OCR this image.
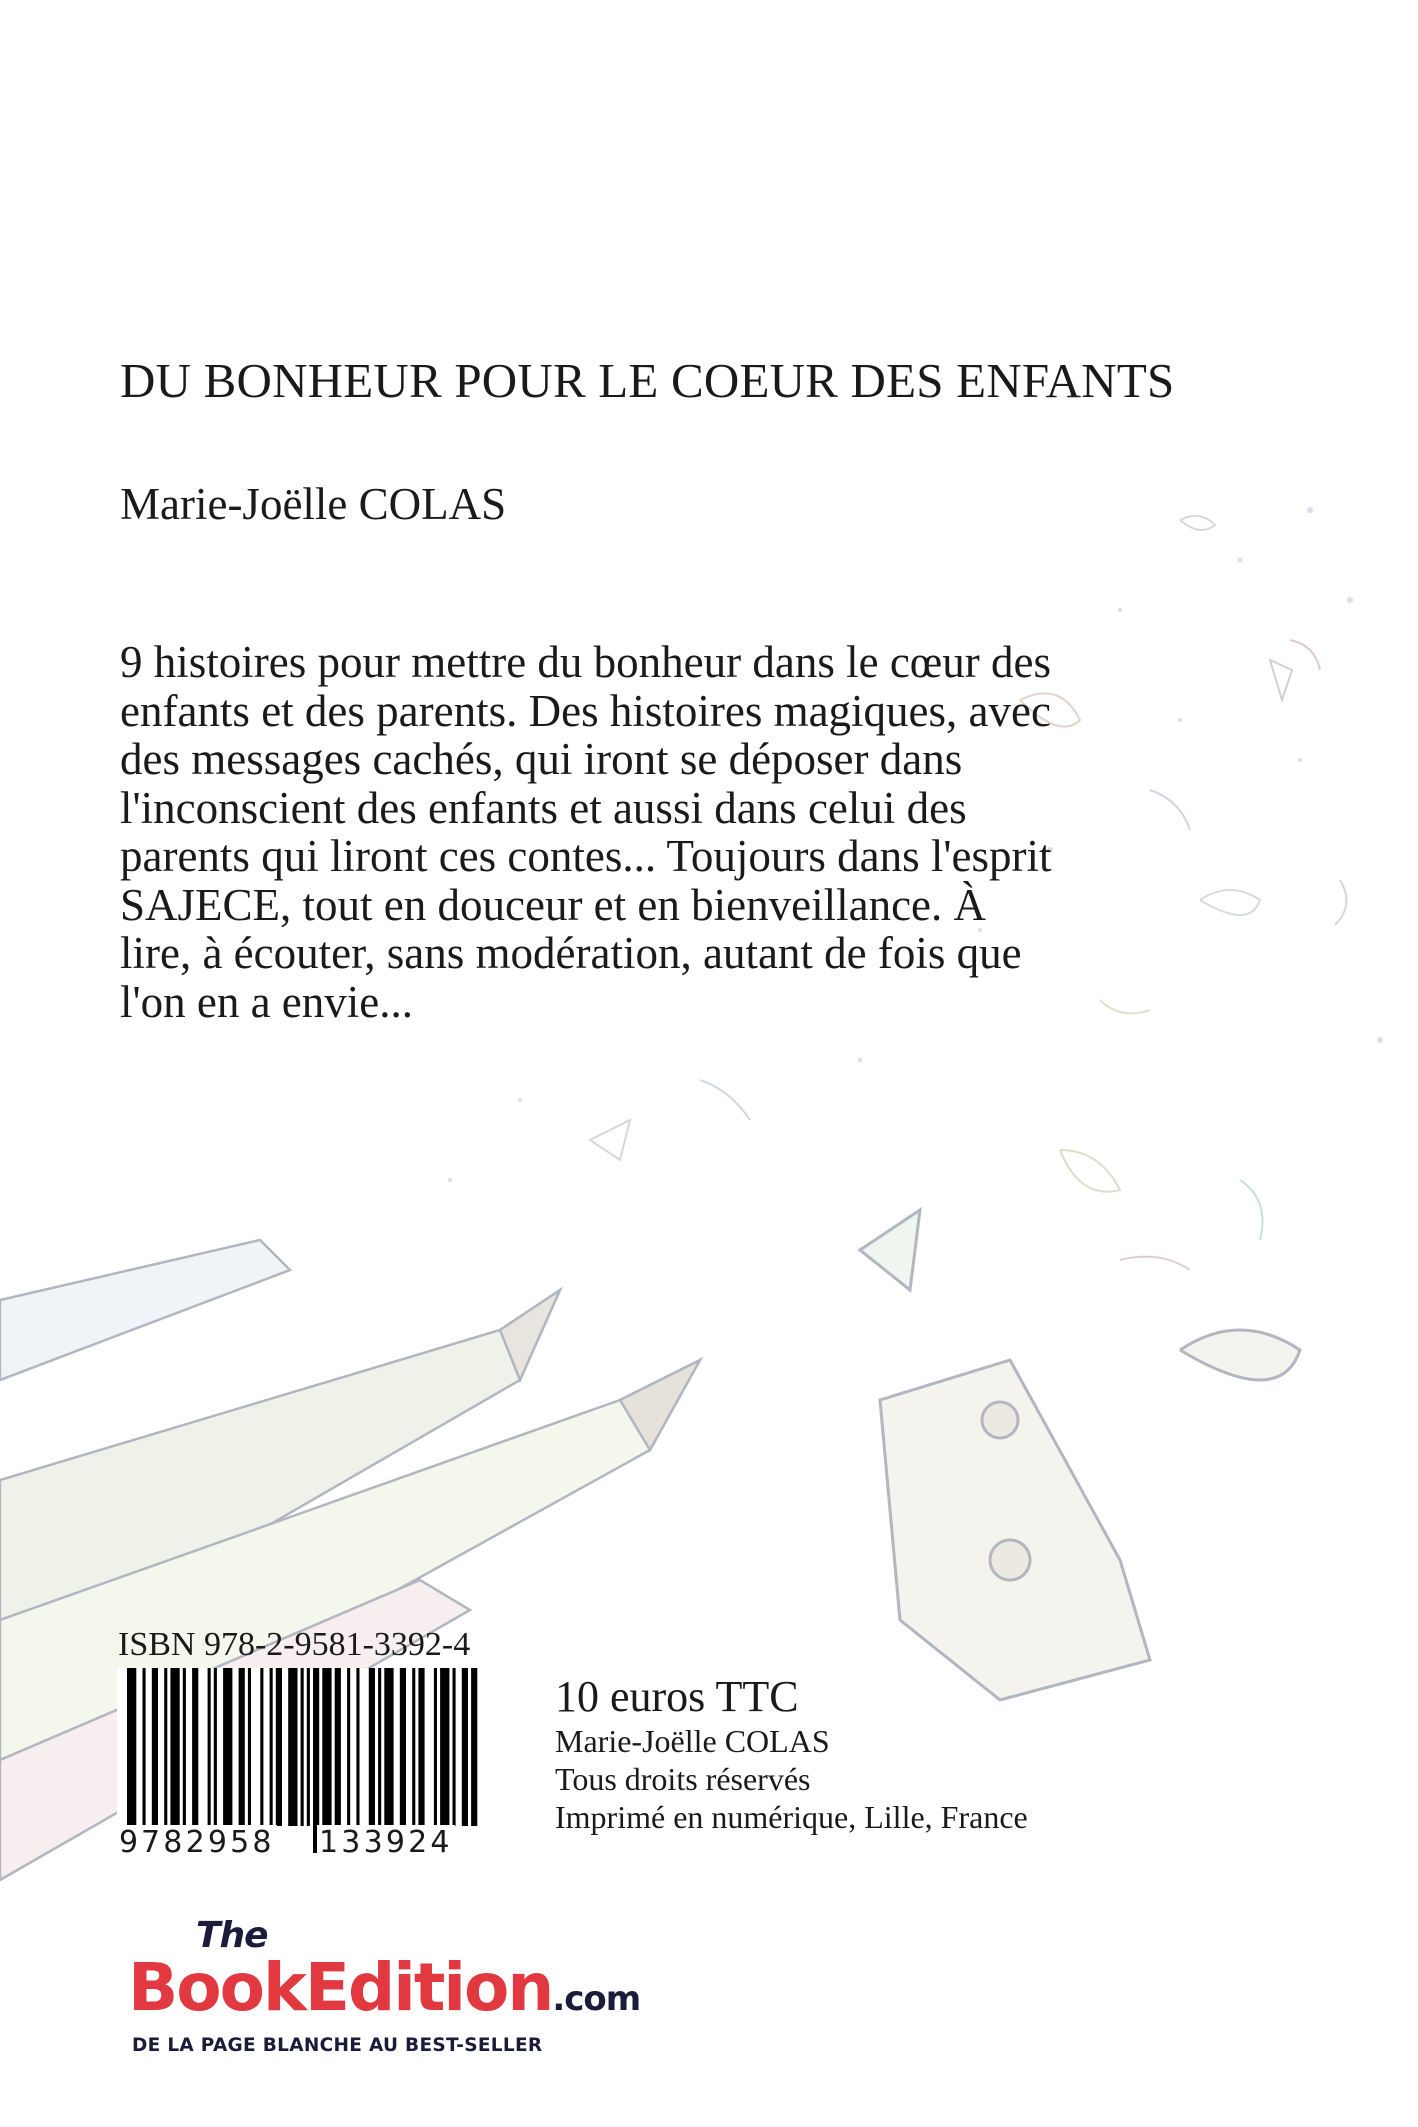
DU BONHEUR POUR LE COEUR DES ENFANTS
Marie-Joëlle COLAS

9 histoires pour mettre du bonheur dans le cœur des enfants et des parents. Des histoires magiques, avec des messages cachés, qui iront se déposer dans l'inconscient des enfants et aussi dans celui des parents qui liront ces contes... Toujours dans l'esprit SAJECE, tout en douceur et en bienveillance. À lire, à écouter, sans modération, autant de fois que l'on en a envie...

ISBN 978-2-9581-3392-4
9 782958 133924
10 euros TTC
Marie-Joëlle COLAS
Tous droits réservés
Imprimé en numérique, Lille, France
The
BookEdition.com
DE LA PAGE BLANCHE AU BEST-SELLER
